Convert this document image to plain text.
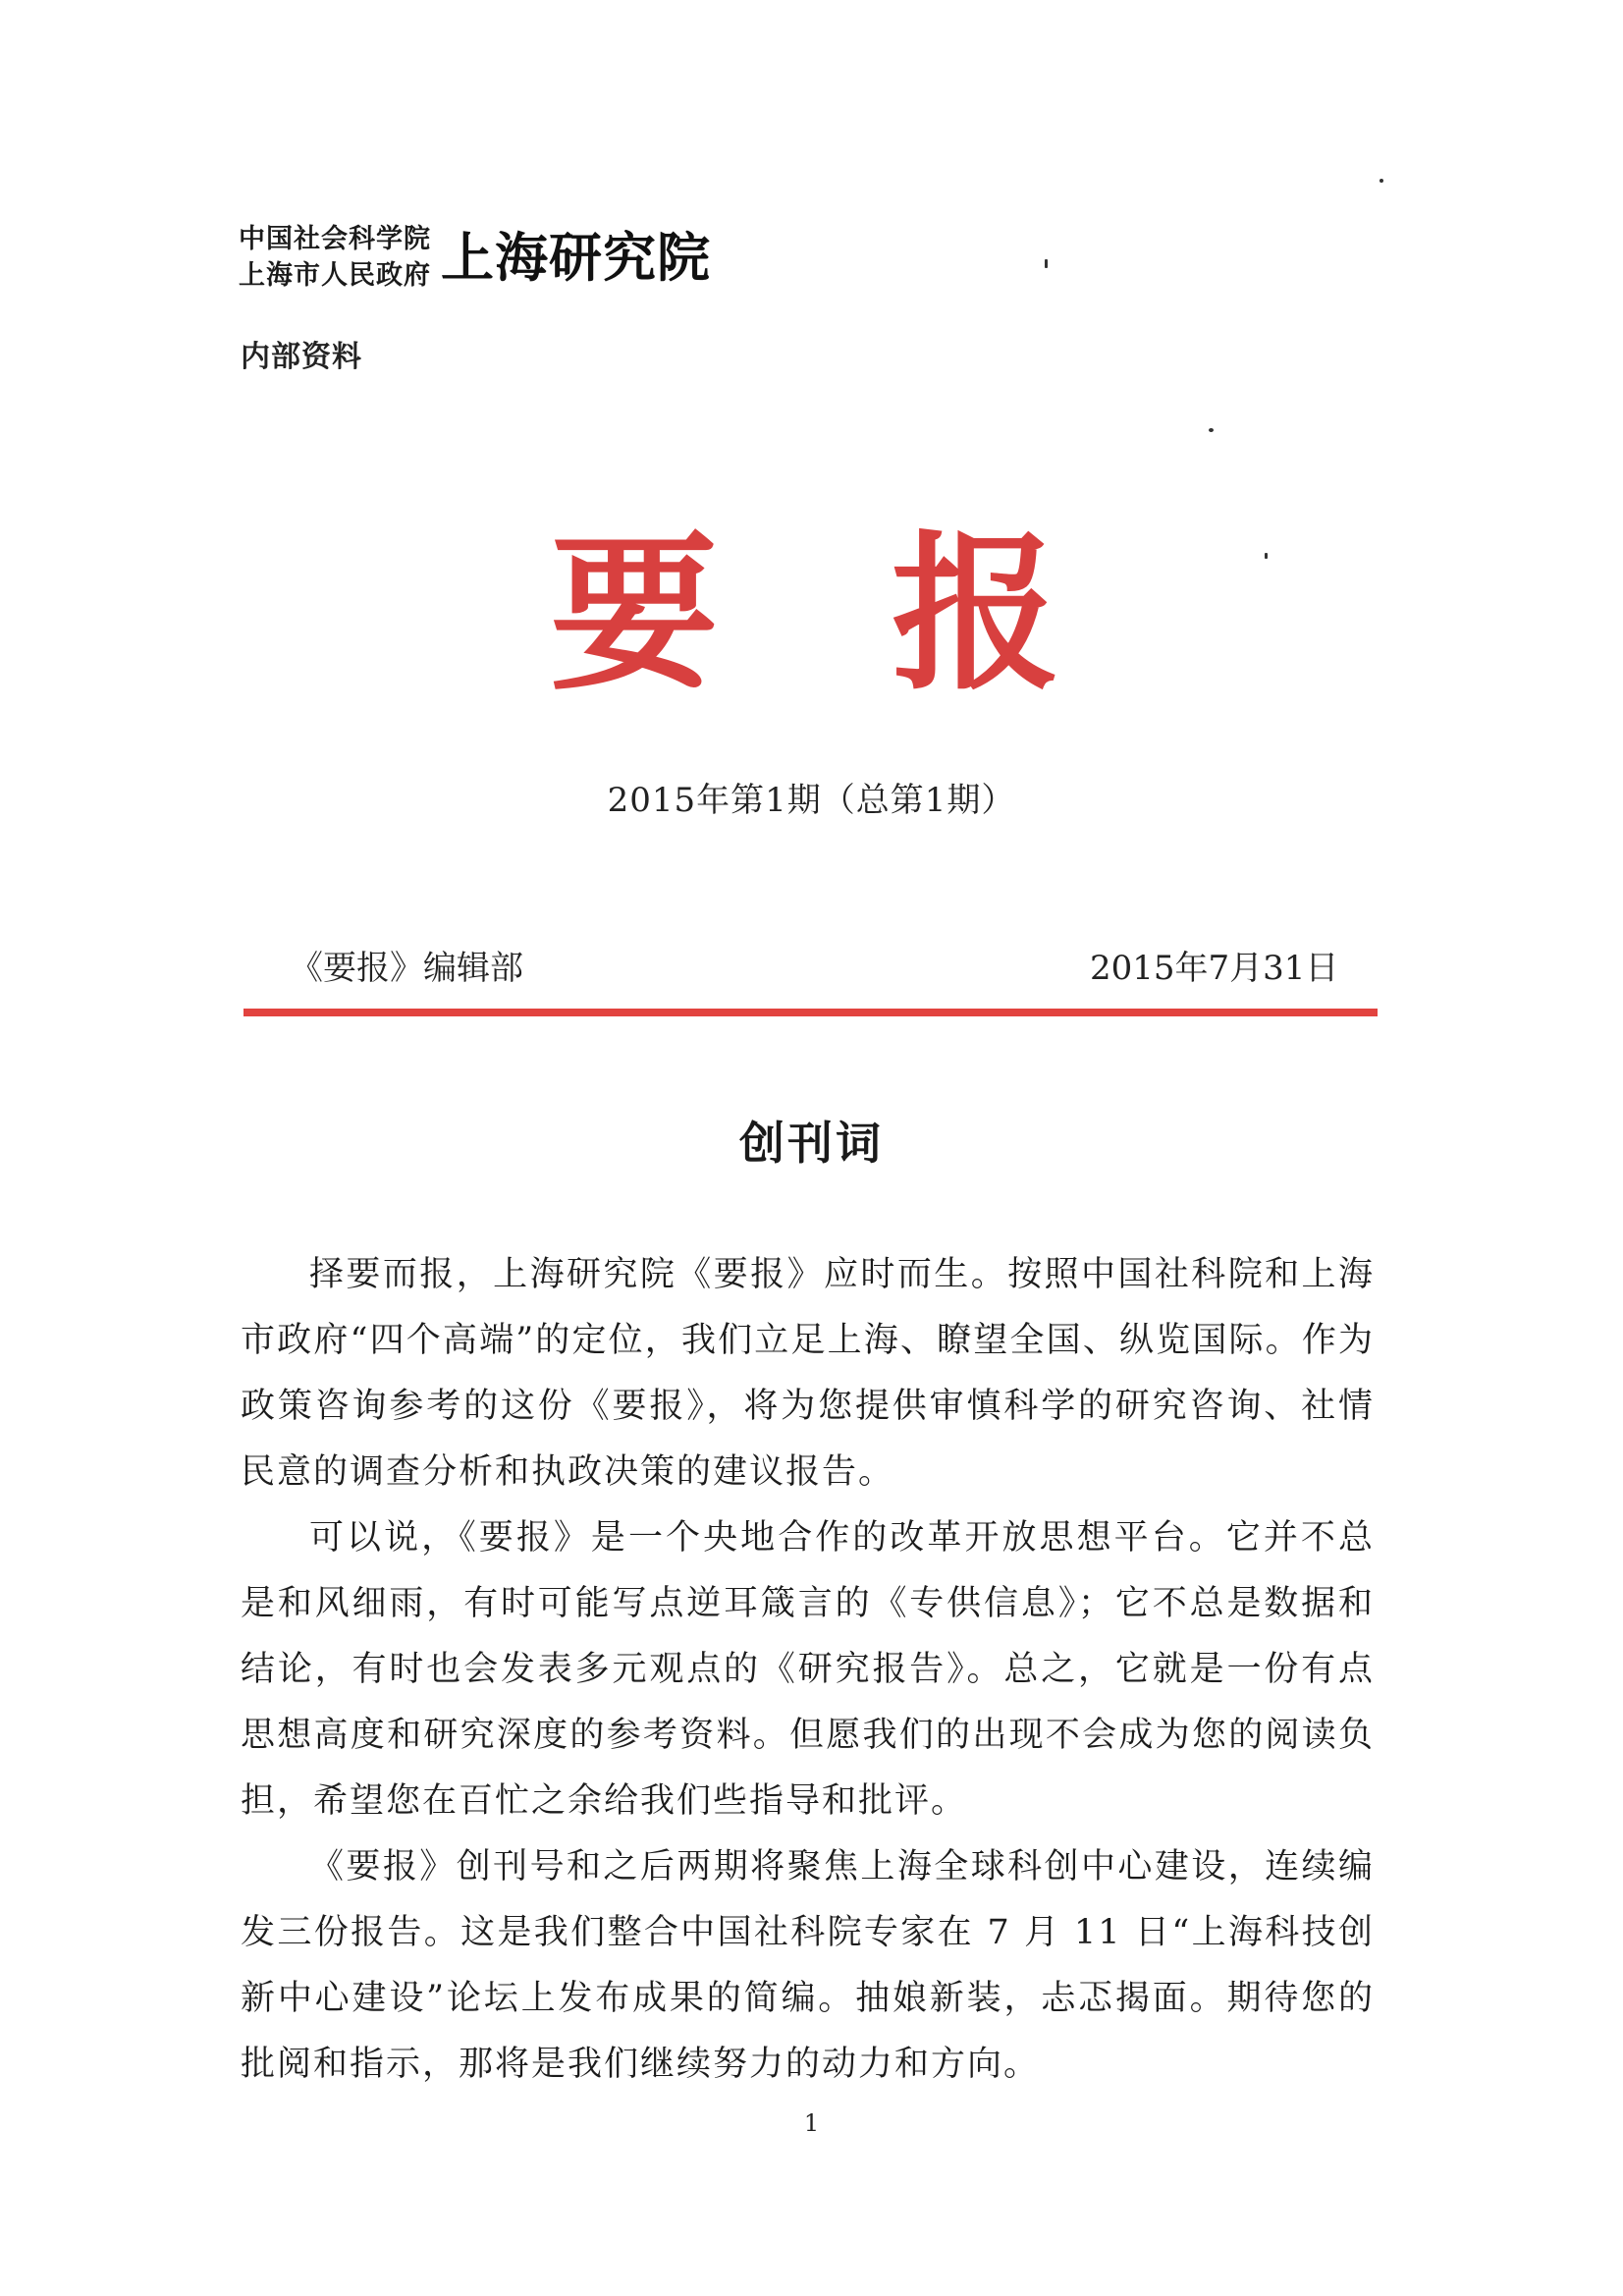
中国社会科学院
上海市人民政府 上海研究院
内部资料
要 报
2015年第1期（总第1期）
《要报》编辑部	2015年7月31日
创刊词

择要而报，上海研究院《要报》应时而生。按照中国社科院和上海市政府“四个高端”的定位，我们立足上海、瞭望全国、纵览国际。作为政策咨询参考的这份《要报》，将为您提供审慎科学的研究咨询、社情民意的调查分析和执政决策的建议报告。

可以说，《要报》是一个央地合作的改革开放思想平台。它并不总是和风细雨，有时可能写点逆耳箴言的《专供信息》；它不总是数据和结论，有时也会发表多元观点的《研究报告》。总之，它就是一份有点思想高度和研究深度的参考资料。但愿我们的出现不会成为您的阅读负担，希望您在百忙之余给我们些指导和批评。

《要报》创刊号和之后两期将聚焦上海全球科创中心建设，连续编发三份报告。这是我们整合中国社科院专家在 7 月 11 日“上海科技创新中心建设”论坛上发布成果的简编。抽娘新装，忐忑揭面。期待您的批阅和指示，那将是我们继续努力的动力和方向。

1
